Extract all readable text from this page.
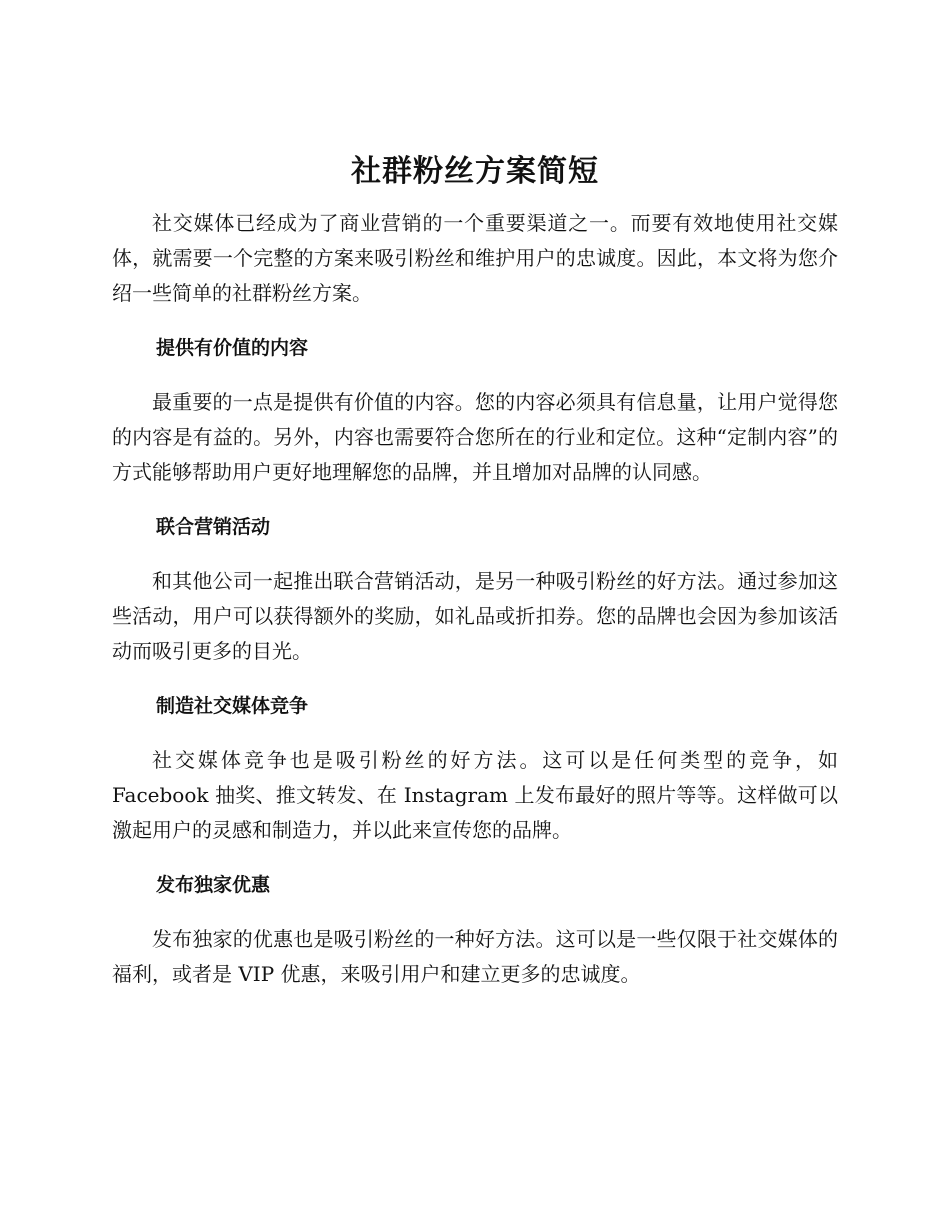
社群粉丝方案简短

社交媒体已经成为了商业营销的一个重要渠道之一。而要有效地使用社交媒体，就需要一个完整的方案来吸引粉丝和维护用户的忠诚度。因此，本文将为您介绍一些简单的社群粉丝方案。

提供有价值的内容

最重要的一点是提供有价值的内容。您的内容必须具有信息量，让用户觉得您的内容是有益的。另外，内容也需要符合您所在的行业和定位。这种“定制内容”的方式能够帮助用户更好地理解您的品牌，并且增加对品牌的认同感。

联合营销活动

和其他公司一起推出联合营销活动，是另一种吸引粉丝的好方法。通过参加这些活动，用户可以获得额外的奖励，如礼品或折扣券。您的品牌也会因为参加该活动而吸引更多的目光。

制造社交媒体竞争

社交媒体竞争也是吸引粉丝的好方法。这可以是任何类型的竞争，如 Facebook 抽奖、推文转发、在 Instagram 上发布最好的照片等等。这样做可以激起用户的灵感和制造力，并以此来宣传您的品牌。

发布独家优惠

发布独家的优惠也是吸引粉丝的一种好方法。这可以是一些仅限于社交媒体的福利，或者是 VIP 优惠，来吸引用户和建立更多的忠诚度。
